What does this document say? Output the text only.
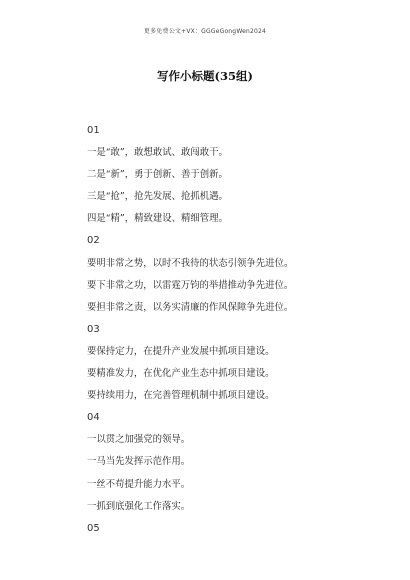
更多免费公文+VX：GGGeGongWen2024
写作小标题(35组)
01
一是“敢”，敢想敢试、敢闯敢干。
二是“新”，勇于创新、善于创新。
三是“抢”，抢先发展、抢抓机遇。
四是“精”，精致建设、精细管理。
02
要明非常之势，以时不我待的状态引领争先进位。
要下非常之功，以雷霆万钧的举措推动争先进位。
要担非常之责，以务实清廉的作风保障争先进位。
03
要保持定力，在提升产业发展中抓项目建设。
要精准发力，在优化产业生态中抓项目建设。
要持续用力，在完善管理机制中抓项目建设。
04
一以贯之加强党的领导。
一马当先发挥示范作用。
一丝不苟提升能力水平。
一抓到底强化工作落实。
05
